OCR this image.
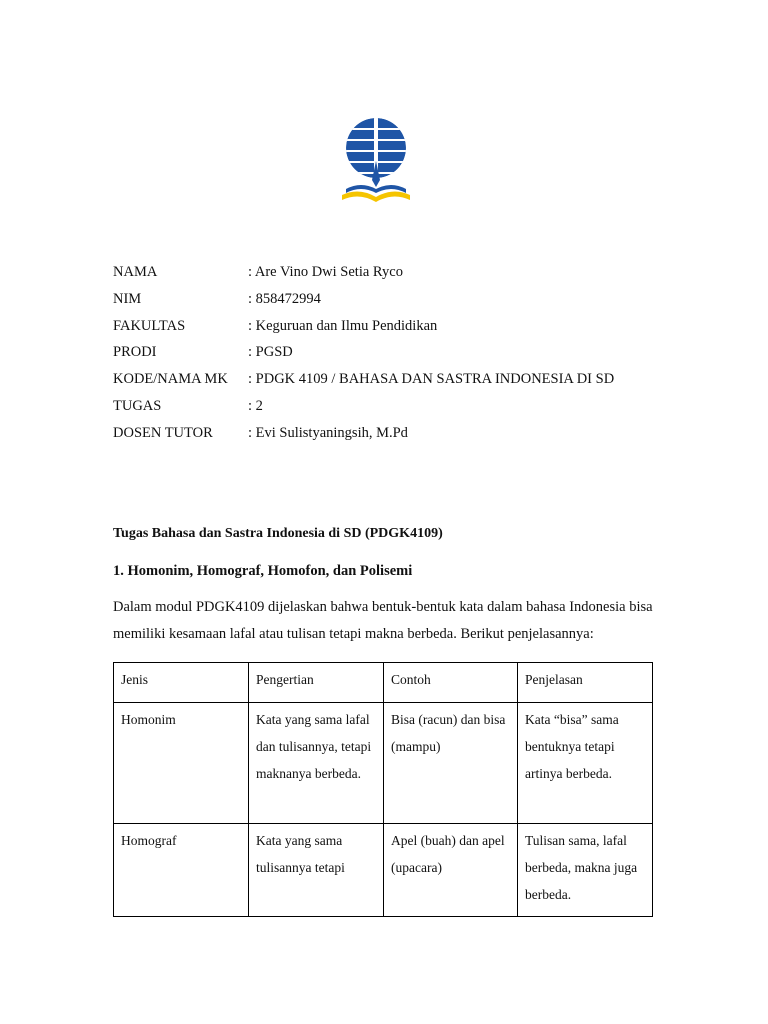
NAMA	: Are Vino Dwi Setia Ryco
NIM	: 858472994
FAKULTAS	: Keguruan dan Ilmu Pendidikan
PRODI	: PGSD
KODE/NAMA MK	: PDGK 4109 / BAHASA DAN SASTRA INDONESIA DI SD
TUGAS	: 2
DOSEN TUTOR	: Evi Sulistyaningsih, M.Pd
Tugas Bahasa dan Sastra Indonesia di SD (PDGK4109)
1. Homonim, Homograf, Homofon, dan Polisemi
Dalam modul PDGK4109 dijelaskan bahwa bentuk-bentuk kata dalam bahasa Indonesia bisa memiliki kesamaan lafal atau tulisan tetapi makna berbeda. Berikut penjelasannya:
Jenis	Pengertian	Contoh	Penjelasan
Homonim	Kata yang sama lafal dan tulisannya, tetapi maknanya berbeda.	Bisa (racun) dan bisa (mampu)	Kata “bisa” sama bentuknya tetapi artinya berbeda.
Homograf	Kata yang sama tulisannya tetapi	Apel (buah) dan apel (upacara)	Tulisan sama, lafal berbeda, makna juga berbeda.
